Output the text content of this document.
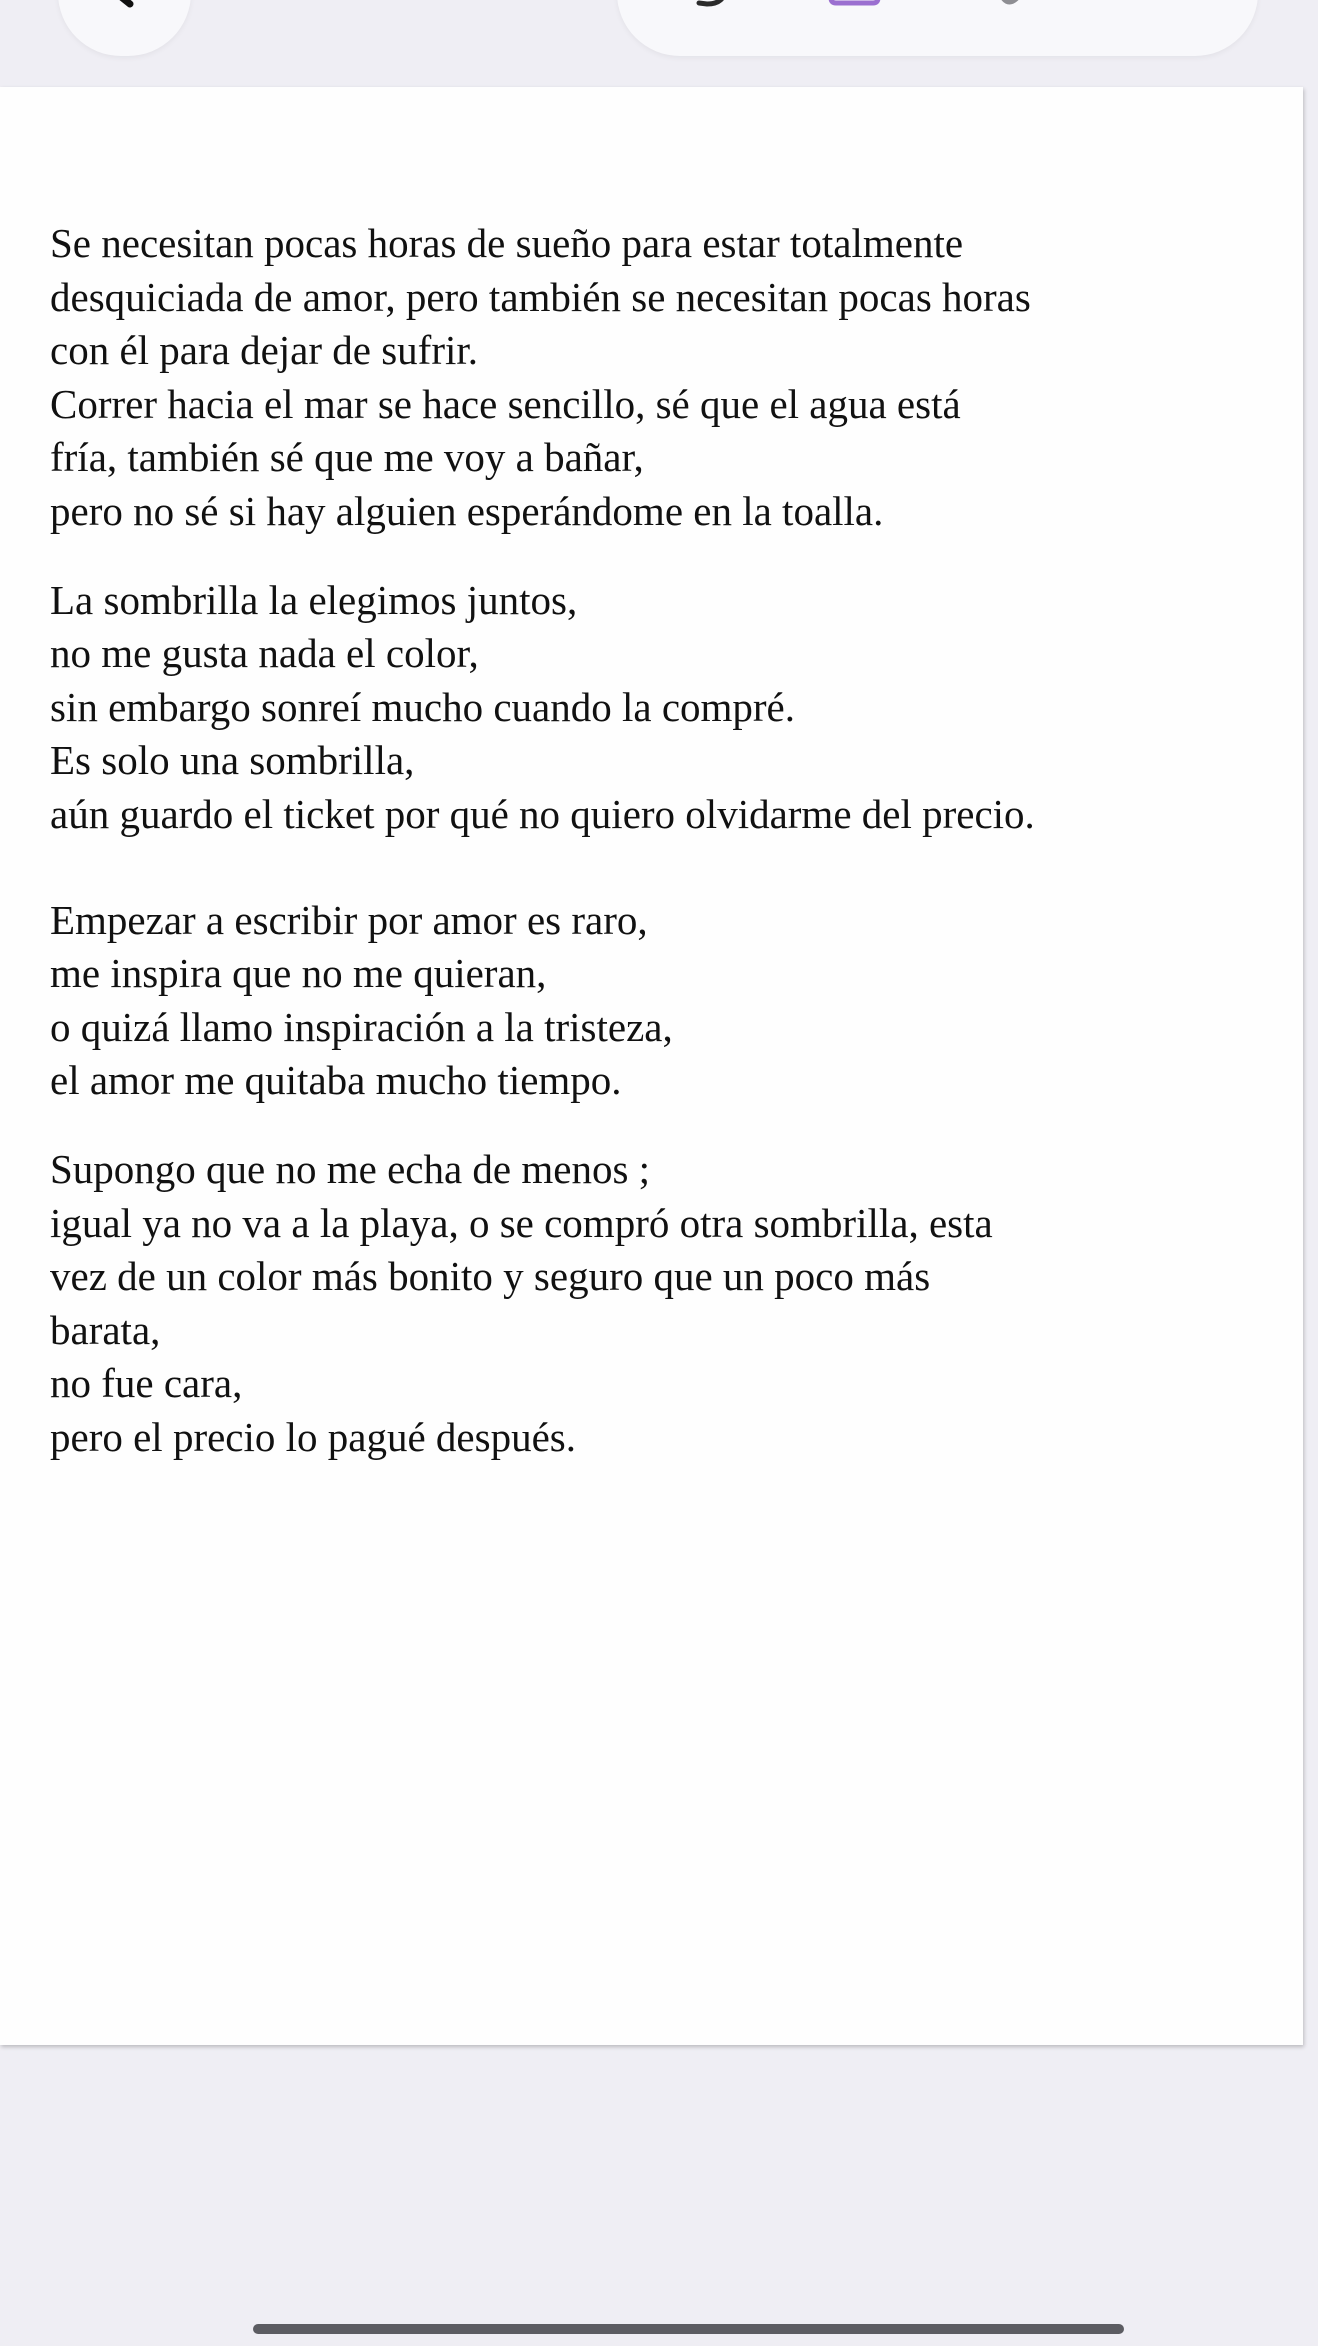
Se necesitan pocas horas de sueño para estar totalmente
desquiciada de amor, pero también se necesitan pocas horas
con él para dejar de sufrir.
Correr hacia el mar se hace sencillo, sé que el agua está
fría, también sé que me voy a bañar,
pero no sé si hay alguien esperándome en la toalla.
La sombrilla la elegimos juntos,
no me gusta nada el color,
sin embargo sonreí mucho cuando la compré.
Es solo una sombrilla,
aún guardo el ticket por qué no quiero olvidarme del precio.
Empezar a escribir por amor es raro,
me inspira que no me quieran,
o quizá llamo inspiración a la tristeza,
el amor me quitaba mucho tiempo.
Supongo que no me echa de menos ;
igual ya no va a la playa, o se compró otra sombrilla, esta
vez de un color más bonito y seguro que un poco más
barata,
no fue cara,
pero el precio lo pagué después.
